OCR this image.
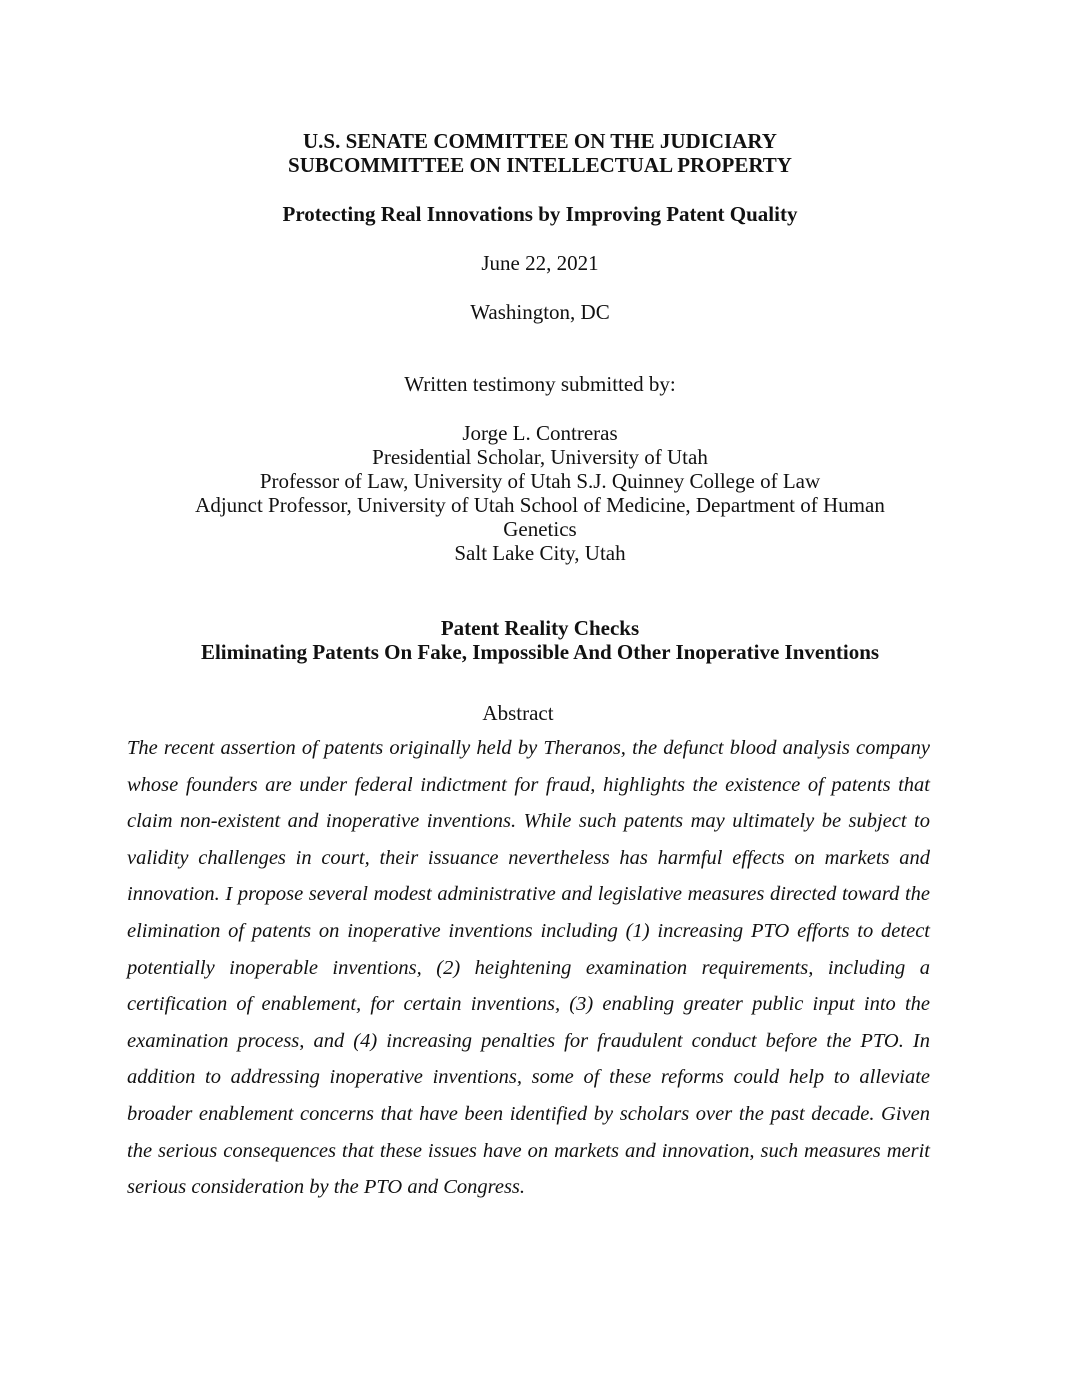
U.S. SENATE COMMITTEE ON THE JUDICIARY
SUBCOMMITTEE ON INTELLECTUAL PROPERTY
Protecting Real Innovations by Improving Patent Quality
June 22, 2021
Washington, DC
Written testimony submitted by:
Jorge L. Contreras
Presidential Scholar, University of Utah
Professor of Law, University of Utah S.J. Quinney College of Law
Adjunct Professor, University of Utah School of Medicine, Department of Human Genetics
Salt Lake City, Utah
Patent Reality Checks
Eliminating Patents On Fake, Impossible And Other Inoperative Inventions
Abstract
The recent assertion of patents originally held by Theranos, the defunct blood analysis company whose founders are under federal indictment for fraud, highlights the existence of patents that claim non-existent and inoperative inventions. While such patents may ultimately be subject to validity challenges in court, their issuance nevertheless has harmful effects on markets and innovation. I propose several modest administrative and legislative measures directed toward the elimination of patents on inoperative inventions including (1) increasing PTO efforts to detect potentially inoperable inventions, (2) heightening examination requirements, including a certification of enablement, for certain inventions, (3) enabling greater public input into the examination process, and (4) increasing penalties for fraudulent conduct before the PTO. In addition to addressing inoperative inventions, some of these reforms could help to alleviate broader enablement concerns that have been identified by scholars over the past decade. Given the serious consequences that these issues have on markets and innovation, such measures merit serious consideration by the PTO and Congress.
